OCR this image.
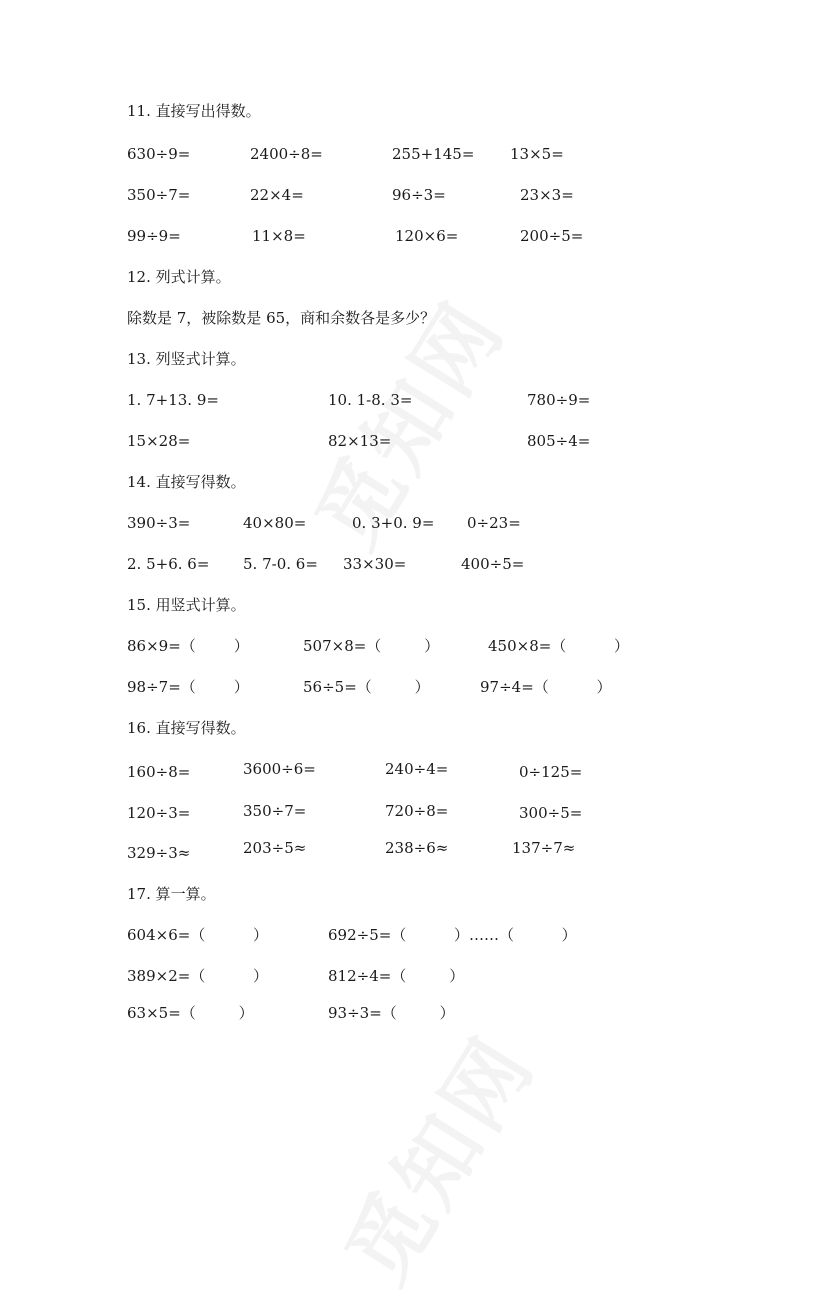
11. 直接写出得数。
630÷9=	2400÷8=	255+145= 13×5=
350÷7=	22×4=	96÷3=	23×3=
99÷9=	11×8=	120×6=	200÷5=
12. 列式计算。
除数是 7，被除数是 65，商和余数各是多少？
13. 列竖式计算。
1. 7+13. 9=	10. 1-8. 3=	780÷9=
15×28=	82×13=	805÷4=
14. 直接写得数。
390÷3=	40×80=	0. 3+0. 9= 0÷23=
2. 5+6. 6= 5. 7-0. 6= 33×30=	400÷5=
15. 用竖式计算。
86×9=（        ）	507×8=（         ）	450×8=（          ）
98÷7=（        ）	56÷5=（         ）	97÷4=（          ）
16. 直接写得数。
160÷8=	3600÷6=	240÷4=	0÷125=
120÷3=	350÷7=	720÷8=	300÷5=
329÷3≈	203÷5≈	238÷6≈	137÷7≈
17. 算一算。
604×6=（          ）	692÷5=（          ）……（          ）
389×2=（          ）	812÷4=（         ）
63×5=（         ）	93÷3=（         ）
